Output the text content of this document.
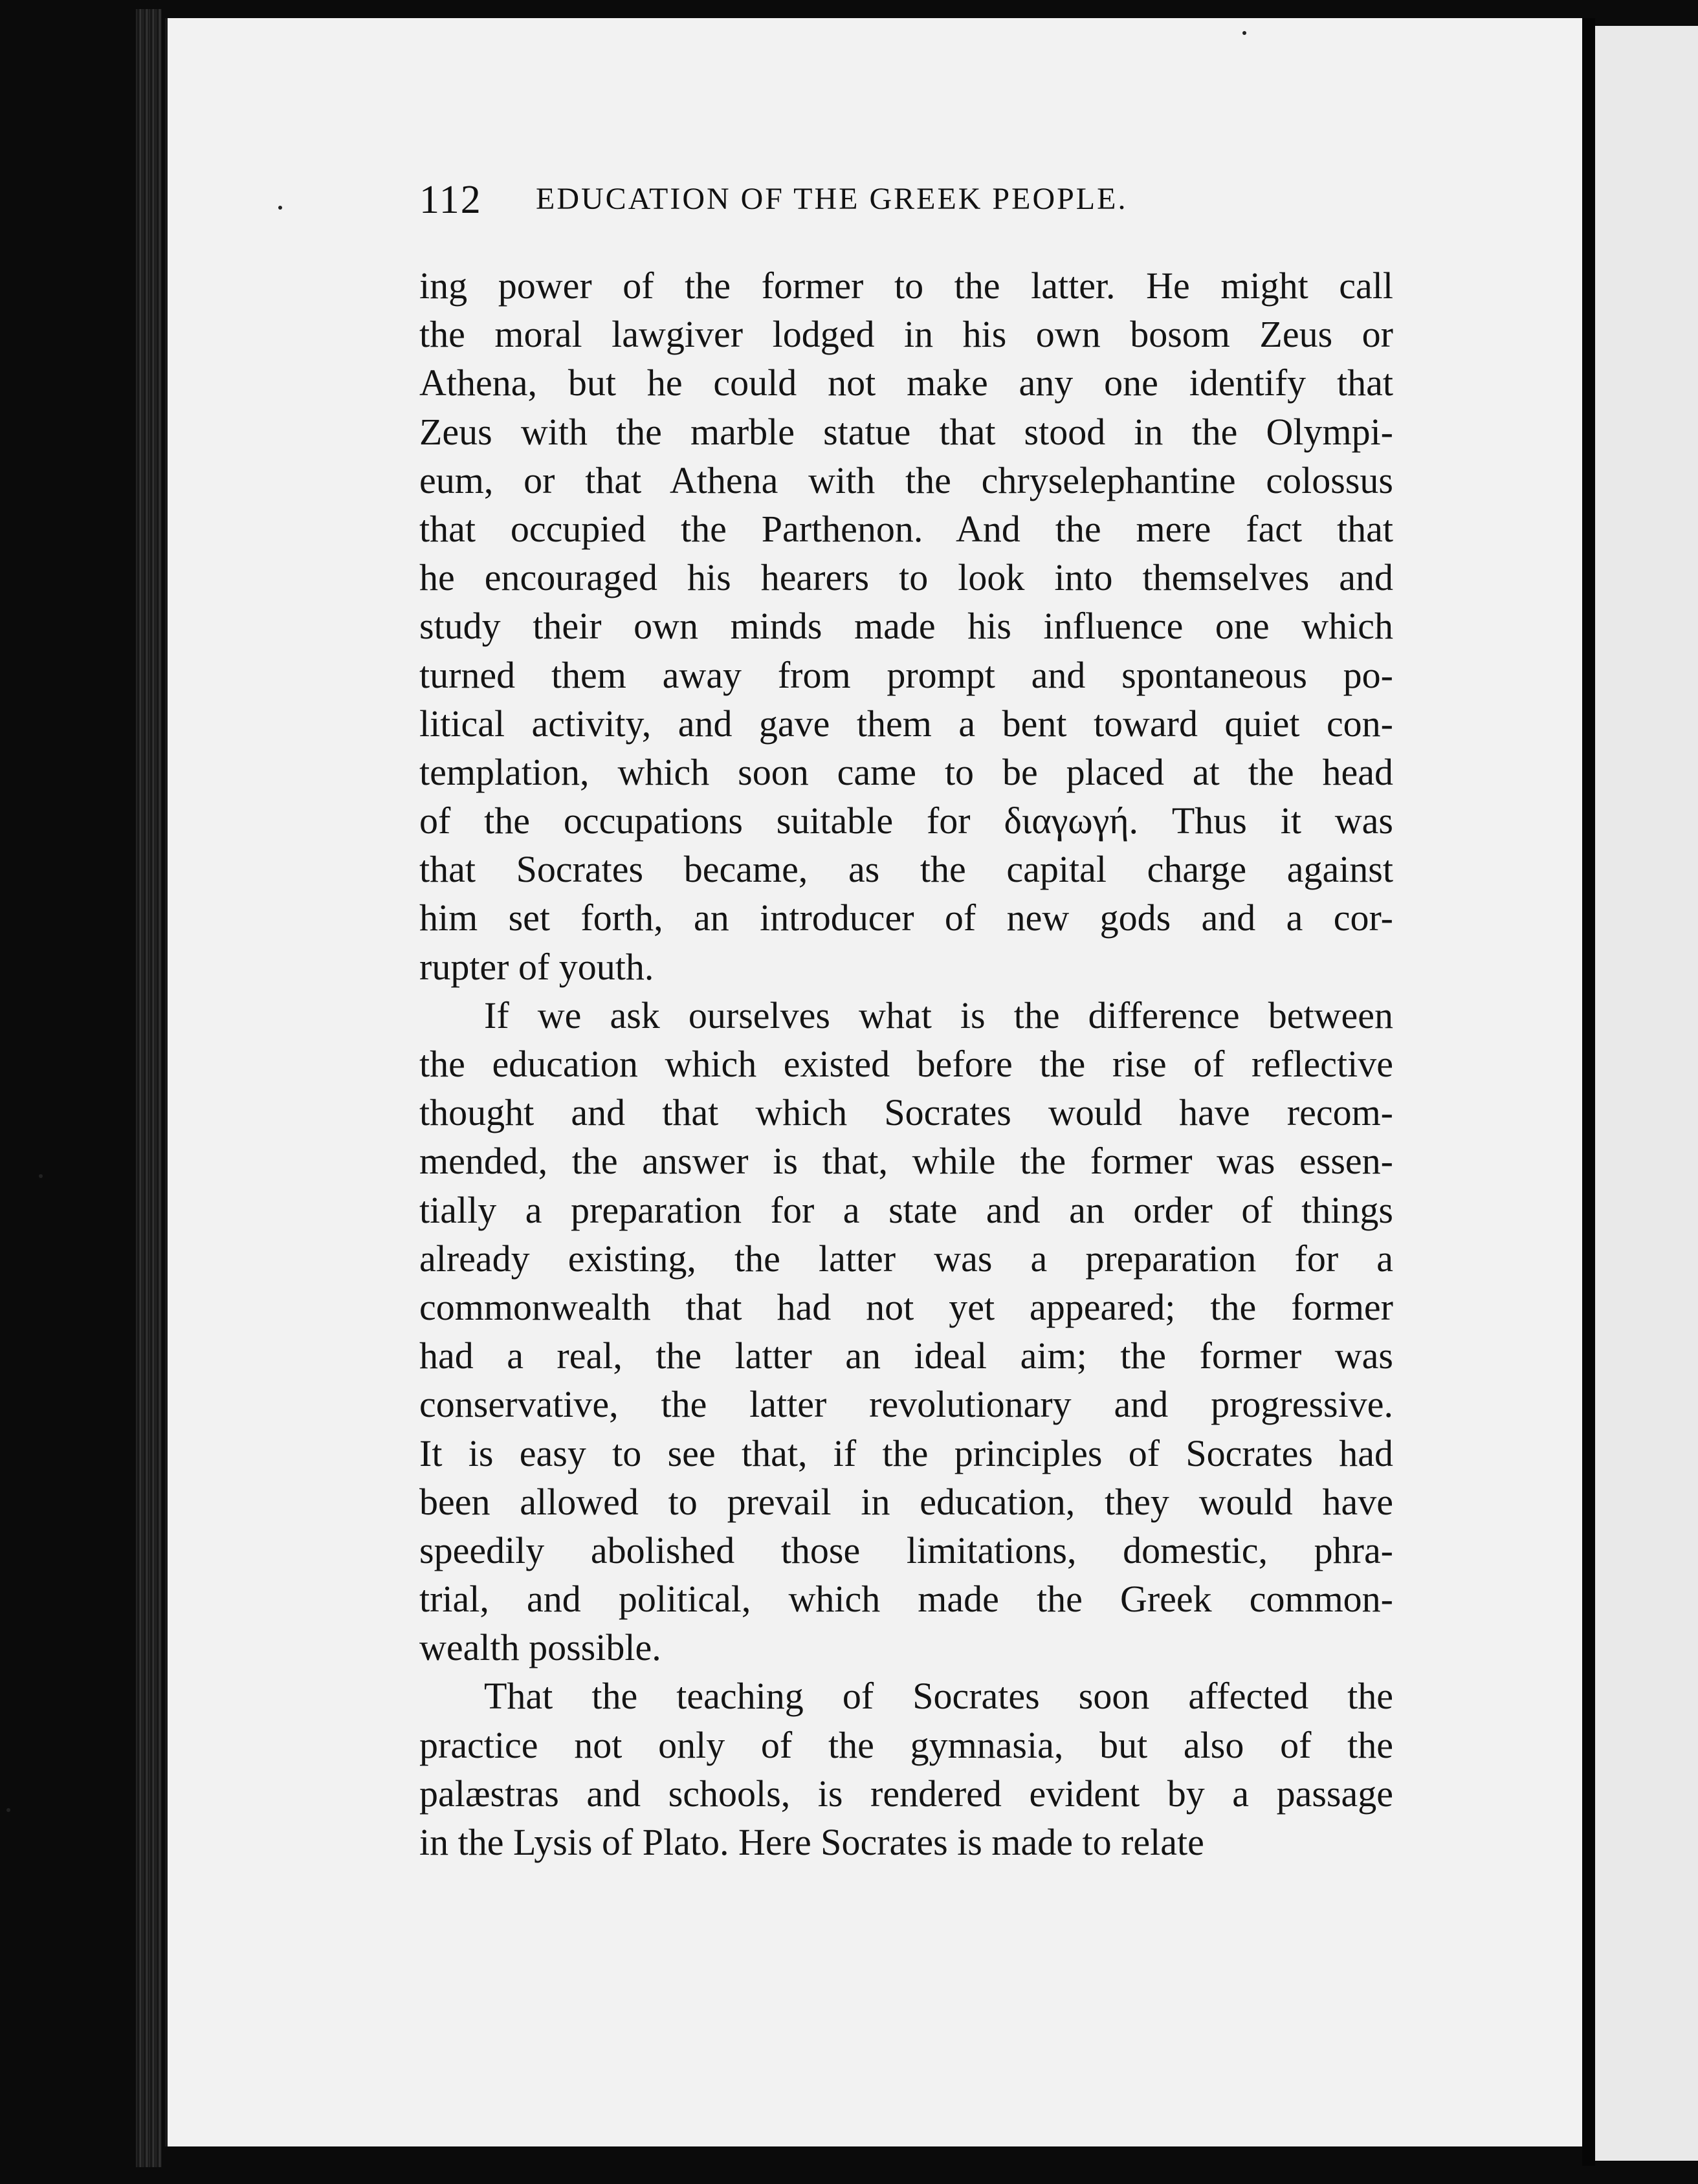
112 EDUCATION OF THE GREEK PEOPLE.
ing power of the former to the latter. He might call
the moral lawgiver lodged in his own bosom Zeus or
Athena, but he could not make any one identify that
Zeus with the marble statue that stood in the Olympi-
eum, or that Athena with the chryselephantine colossus
that occupied the Parthenon. And the mere fact that
he encouraged his hearers to look into themselves and
study their own minds made his influence one which
turned them away from prompt and spontaneous po-
litical activity, and gave them a bent toward quiet con-
templation, which soon came to be placed at the head
of the occupations suitable for διαγωγή. Thus it was
that Socrates became, as the capital charge against
him set forth, an introducer of new gods and a cor-
rupter of youth.
If we ask ourselves what is the difference between
the education which existed before the rise of reflective
thought and that which Socrates would have recom-
mended, the answer is that, while the former was essen-
tially a preparation for a state and an order of things
already existing, the latter was a preparation for a
commonwealth that had not yet appeared; the former
had a real, the latter an ideal aim; the former was
conservative, the latter revolutionary and progressive.
It is easy to see that, if the principles of Socrates had
been allowed to prevail in education, they would have
speedily abolished those limitations, domestic, phra-
trial, and political, which made the Greek common-
wealth possible.
That the teaching of Socrates soon affected the
practice not only of the gymnasia, but also of the
palæstras and schools, is rendered evident by a passage
in the Lysis of Plato. Here Socrates is made to relate
